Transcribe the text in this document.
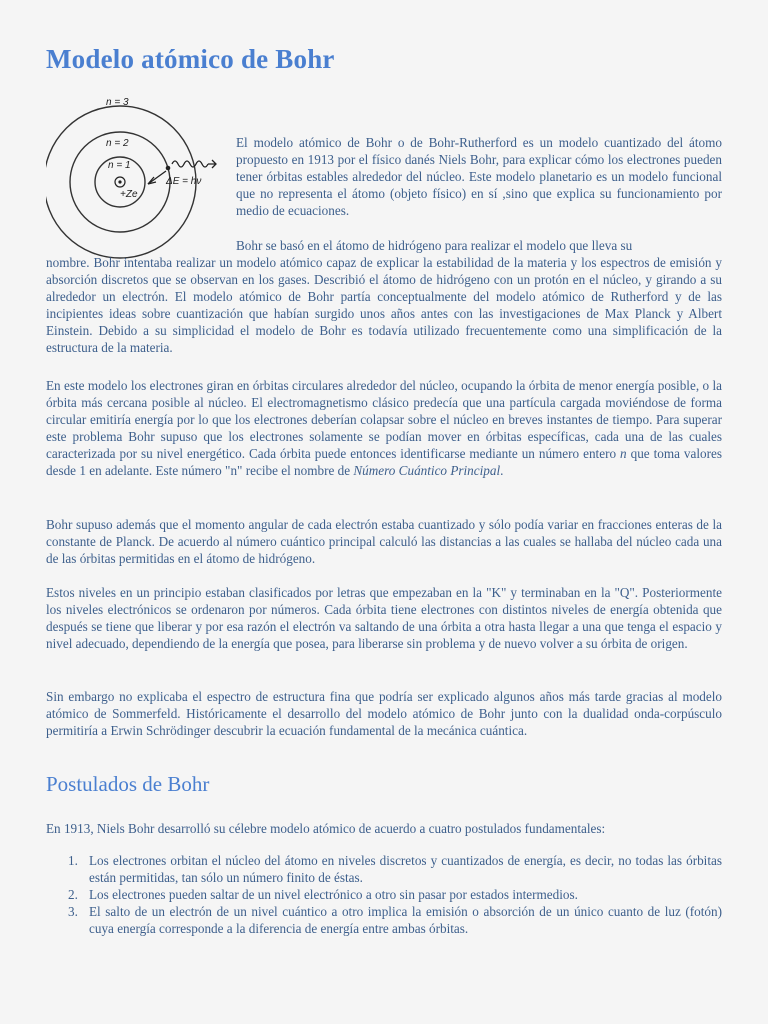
Modelo atómico de Bohr
n = 3
n = 2
n = 1
+Ze
ΔE = hν

El modelo atómico de Bohr o de Bohr-Rutherford es un modelo cuantizado del átomo propuesto en 1913 por el físico danés Niels Bohr, para explicar cómo los electrones pueden tener órbitas estables alrededor del núcleo. Este modelo planetario es un modelo funcional que no representa el átomo (objeto físico) en sí ,sino que explica su funcionamiento por medio de ecuaciones.

Bohr se basó en el átomo de hidrógeno para realizar el modelo que lleva su

nombre. Bohr intentaba realizar un modelo atómico capaz de explicar la estabilidad de la materia y los espectros de emisión y absorción discretos que se observan en los gases. Describió el átomo de hidrógeno con un protón en el núcleo, y girando a su alrededor un electrón. El modelo atómico de Bohr partía conceptualmente del modelo atómico de Rutherford y de las incipientes ideas sobre cuantización que habían surgido unos años antes con las investigaciones de Max Planck y Albert Einstein. Debido a su simplicidad el modelo de Bohr es todavía utilizado frecuentemente como una simplificación de la estructura de la materia.

En este modelo los electrones giran en órbitas circulares alrededor del núcleo, ocupando la órbita de menor energía posible, o la órbita más cercana posible al núcleo. El electromagnetismo clásico predecía que una partícula cargada moviéndose de forma circular emitiría energía por lo que los electrones deberían colapsar sobre el núcleo en breves instantes de tiempo. Para superar este problema Bohr supuso que los electrones solamente se podían mover en órbitas específicas, cada una de las cuales caracterizada por su nivel energético. Cada órbita puede entonces identificarse mediante un número entero n que toma valores desde 1 en adelante. Este número "n" recibe el nombre de Número Cuántico Principal.

Bohr supuso además que el momento angular de cada electrón estaba cuantizado y sólo podía variar en fracciones enteras de la constante de Planck. De acuerdo al número cuántico principal calculó las distancias a las cuales se hallaba del núcleo cada una de las órbitas permitidas en el átomo de hidrógeno.

Estos niveles en un principio estaban clasificados por letras que empezaban en la "K" y terminaban en la "Q". Posteriormente los niveles electrónicos se ordenaron por números. Cada órbita tiene electrones con distintos niveles de energía obtenida que después se tiene que liberar y por esa razón el electrón va saltando de una órbita a otra hasta llegar a una que tenga el espacio y nivel adecuado, dependiendo de la energía que posea, para liberarse sin problema y de nuevo volver a su órbita de origen.

Sin embargo no explicaba el espectro de estructura fina que podría ser explicado algunos años más tarde gracias al modelo atómico de Sommerfeld. Históricamente el desarrollo del modelo atómico de Bohr junto con la dualidad onda-corpúsculo permitiría a Erwin Schrödinger descubrir la ecuación fundamental de la mecánica cuántica.

Postulados de Bohr

En 1913, Niels Bohr desarrolló su célebre modelo atómico de acuerdo a cuatro postulados fundamentales:

1. Los electrones orbitan el núcleo del átomo en niveles discretos y cuantizados de energía, es decir, no todas las órbitas están permitidas, tan sólo un número finito de éstas.
2. Los electrones pueden saltar de un nivel electrónico a otro sin pasar por estados intermedios.
3. El salto de un electrón de un nivel cuántico a otro implica la emisión o absorción de un único cuanto de luz (fotón) cuya energía corresponde a la diferencia de energía entre ambas órbitas.
